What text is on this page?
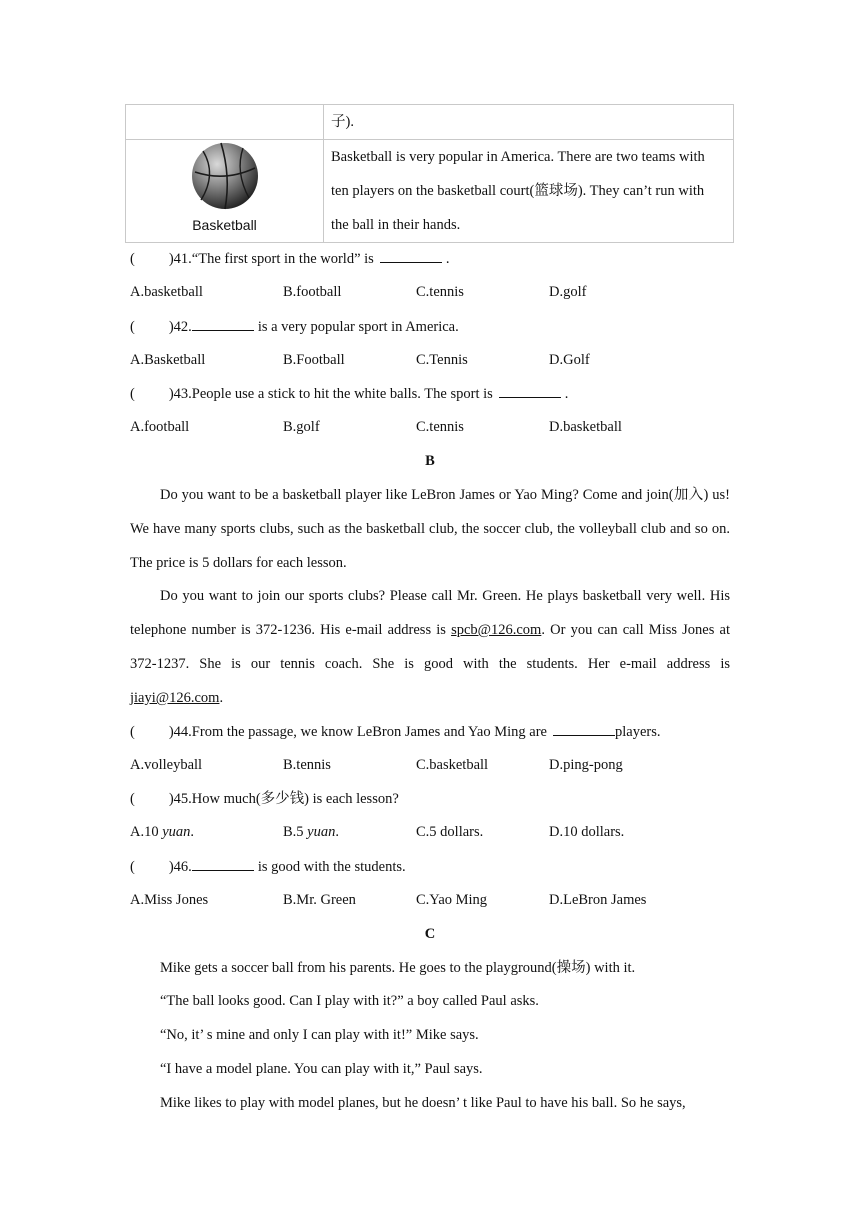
	子).

Basketball	Basketball is very popular in America. There are two teams with
ten players on the basketball court(篮球场). They can’t run with
the ball in their hands.
( )41.“The first sport in the world” is	.
A.basketball	B.football	C.tennis	D.golf
( )42.	is a very popular sport in America.
A.Basketball	B.Football	C.Tennis	D.Golf
( )43.People use a stick to hit the white balls. The sport is	.
A.football	B.golf	C.tennis	D.basketball
B
Do you want to be a basketball player like LeBron James or Yao Ming? Come and join(加入) us! We have many sports clubs, such as the basketball club, the soccer club, the volleyball club and so on. The price is 5 dollars for each lesson.
Do you want to join our sports clubs? Please call Mr. Green. He plays basketball very well. His telephone number is 372-1236. His e-mail address is spcb@126.com. Or you can call Miss Jones at 372-1237. She is our tennis coach. She is good with the students. Her e-mail address is jiayi@126.com.
( )44.From the passage, we know LeBron James and Yao Ming are	players.
A.volleyball	B.tennis	C.basketball	D.ping-pong
( )45.How much(多少钱) is each lesson?
A.10 yuan.	B.5 yuan.	C.5 dollars.	D.10 dollars.
( )46.	is good with the students.
A.Miss Jones	B.Mr. Green	C.Yao Ming	D.LeBron James
C
Mike gets a soccer ball from his parents. He goes to the playground(操场) with it.
“The ball looks good. Can I play with it?” a boy called Paul asks.
“No, it’ s mine and only I can play with it!” Mike says.
“I have a model plane. You can play with it,” Paul says.
Mike likes to play with model planes, but he doesn’ t like Paul to have his ball. So he says,
